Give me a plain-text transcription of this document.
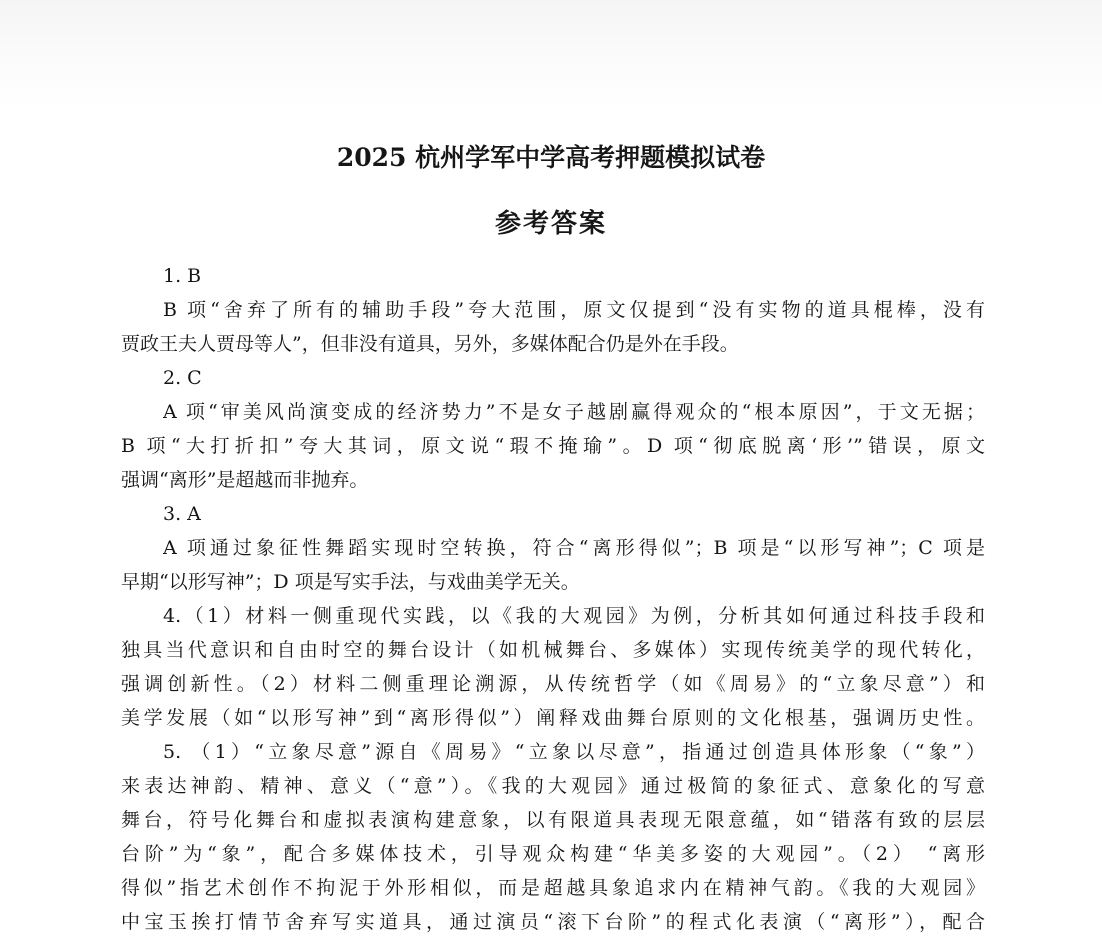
2025 杭州学军中学高考押题模拟试卷
参考答案
1. B
B 项“舍弃了所有的辅助手段”夸大范围，原文仅提到“没有实物的道具棍棒，没有
贾政王夫人贾母等人”，但非没有道具，另外，多媒体配合仍是外在手段。
2. C
A 项“审美风尚演变成的经济势力”不是女子越剧赢得观众的“根本原因”，于文无据；
B 项“大打折扣”夸大其词，原文说“瑕不掩瑜”。D 项“彻底脱离‘形’”错误，原文
强调“离形”是超越而非抛弃。
3. A
A 项通过象征性舞蹈实现时空转换，符合“离形得似”；B 项是“以形写神”；C 项是
早期“以形写神”；D 项是写实手法，与戏曲美学无关。
4.（1）材料一侧重现代实践，以《我的大观园》为例，分析其如何通过科技手段和
独具当代意识和自由时空的舞台设计（如机械舞台、多媒体）实现传统美学的现代转化，
强调创新性。（2）材料二侧重理论溯源，从传统哲学（如《周易》的“立象尽意”）和
美学发展（如“以形写神”到“离形得似”）阐释戏曲舞台原则的文化根基，强调历史性。
5. （1）“立象尽意”源自《周易》“立象以尽意”，指通过创造具体形象（“象”）
来表达神韵、精神、意义（“意”）。《我的大观园》通过极简的象征式、意象化的写意
舞台，符号化舞台和虚拟表演构建意象，以有限道具表现无限意蕴，如“错落有致的层层
台阶”为“象”，配合多媒体技术，引导观众构建“华美多姿的大观园”。（2） “离形
得似”指艺术创作不拘泥于外形相似，而是超越具象追求内在精神气韵。《我的大观园》
中宝玉挨打情节舍弃写实道具，通过演员“滚下台阶”的程式化表演（“离形”），配合
